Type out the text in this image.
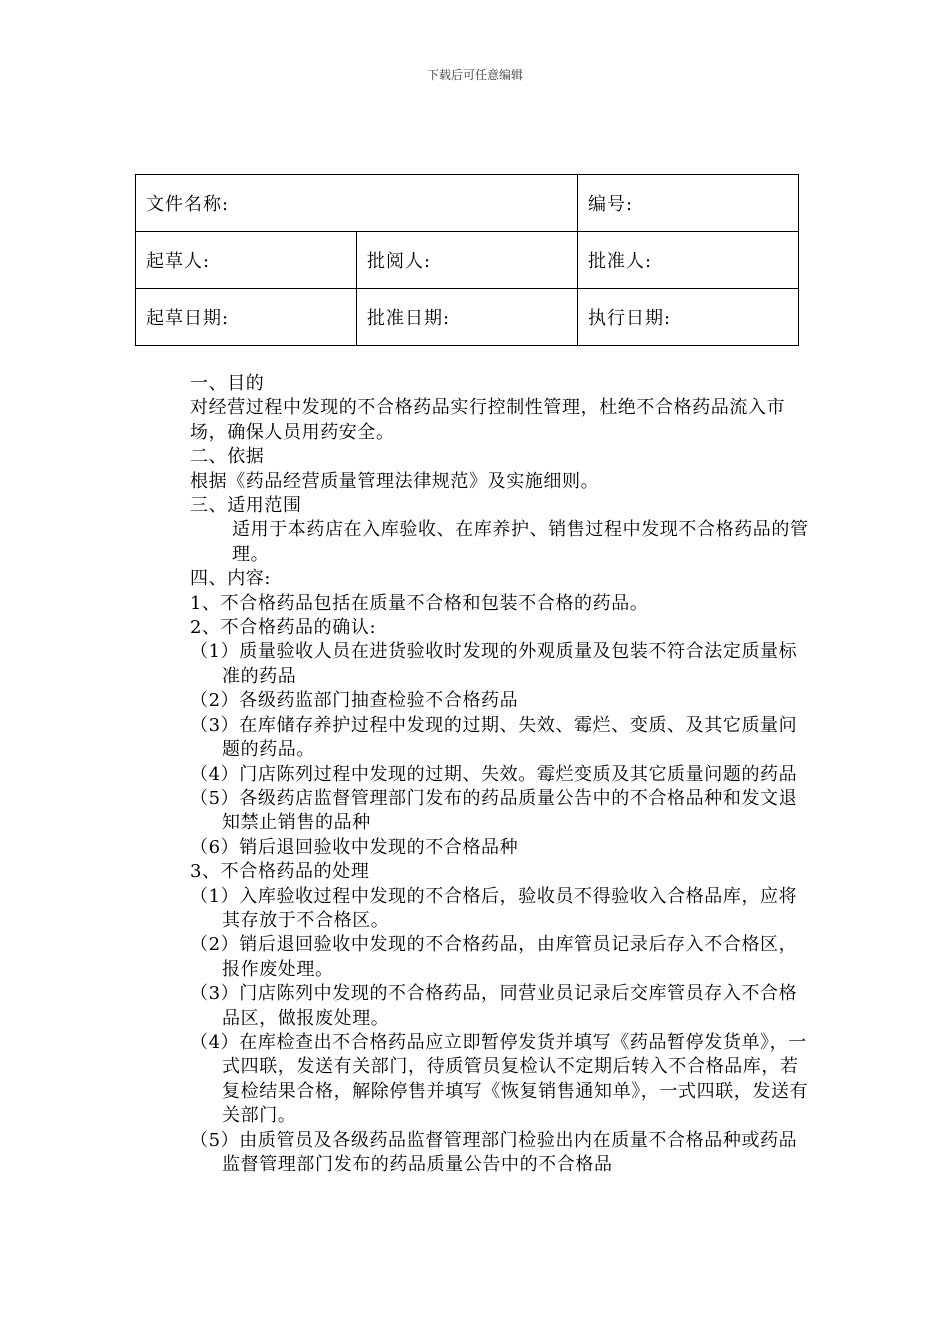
下载后可任意编辑
文件名称:		编号:
起草人:	批阅人:	批准人:
起草日期:	批准日期:	执行日期:
一、目的
对经营过程中发现的不合格药品实行控制性管理，杜绝不合格药品流入市场，确保人员用药安全。
二、依据
根据《药品经营质量管理法律规范》及实施细则。
三、适用范围
适用于本药店在入库验收、在库养护、销售过程中发现不合格药品的管理。
四、内容:
1、不合格药品包括在质量不合格和包装不合格的药品。
2、不合格药品的确认:
（1）质量验收人员在进货验收时发现的外观质量及包装不符合法定质量标准的药品
（2）各级药监部门抽查检验不合格药品
（3）在库储存养护过程中发现的过期、失效、霉烂、变质、及其它质量问题的药品。
（4）门店陈列过程中发现的过期、失效。霉烂变质及其它质量问题的药品
（5）各级药店监督管理部门发布的药品质量公告中的不合格品种和发文退知禁止销售的品种
（6）销后退回验收中发现的不合格品种
3、不合格药品的处理
（1）入库验收过程中发现的不合格后，验收员不得验收入合格品库，应将其存放于不合格区。
（2）销后退回验收中发现的不合格药品，由库管员记录后存入不合格区，报作废处理。
（3）门店陈列中发现的不合格药品，同营业员记录后交库管员存入不合格品区，做报废处理。
（4）在库检查出不合格药品应立即暂停发货并填写《药品暂停发货单》，一式四联，发送有关部门，待质管员复检认不定期后转入不合格品库，若复检结果合格，解除停售并填写《恢复销售通知单》，一式四联，发送有关部门。
（5）由质管员及各级药品监督管理部门检验出内在质量不合格品种或药品监督管理部门发布的药品质量公告中的不合格品
